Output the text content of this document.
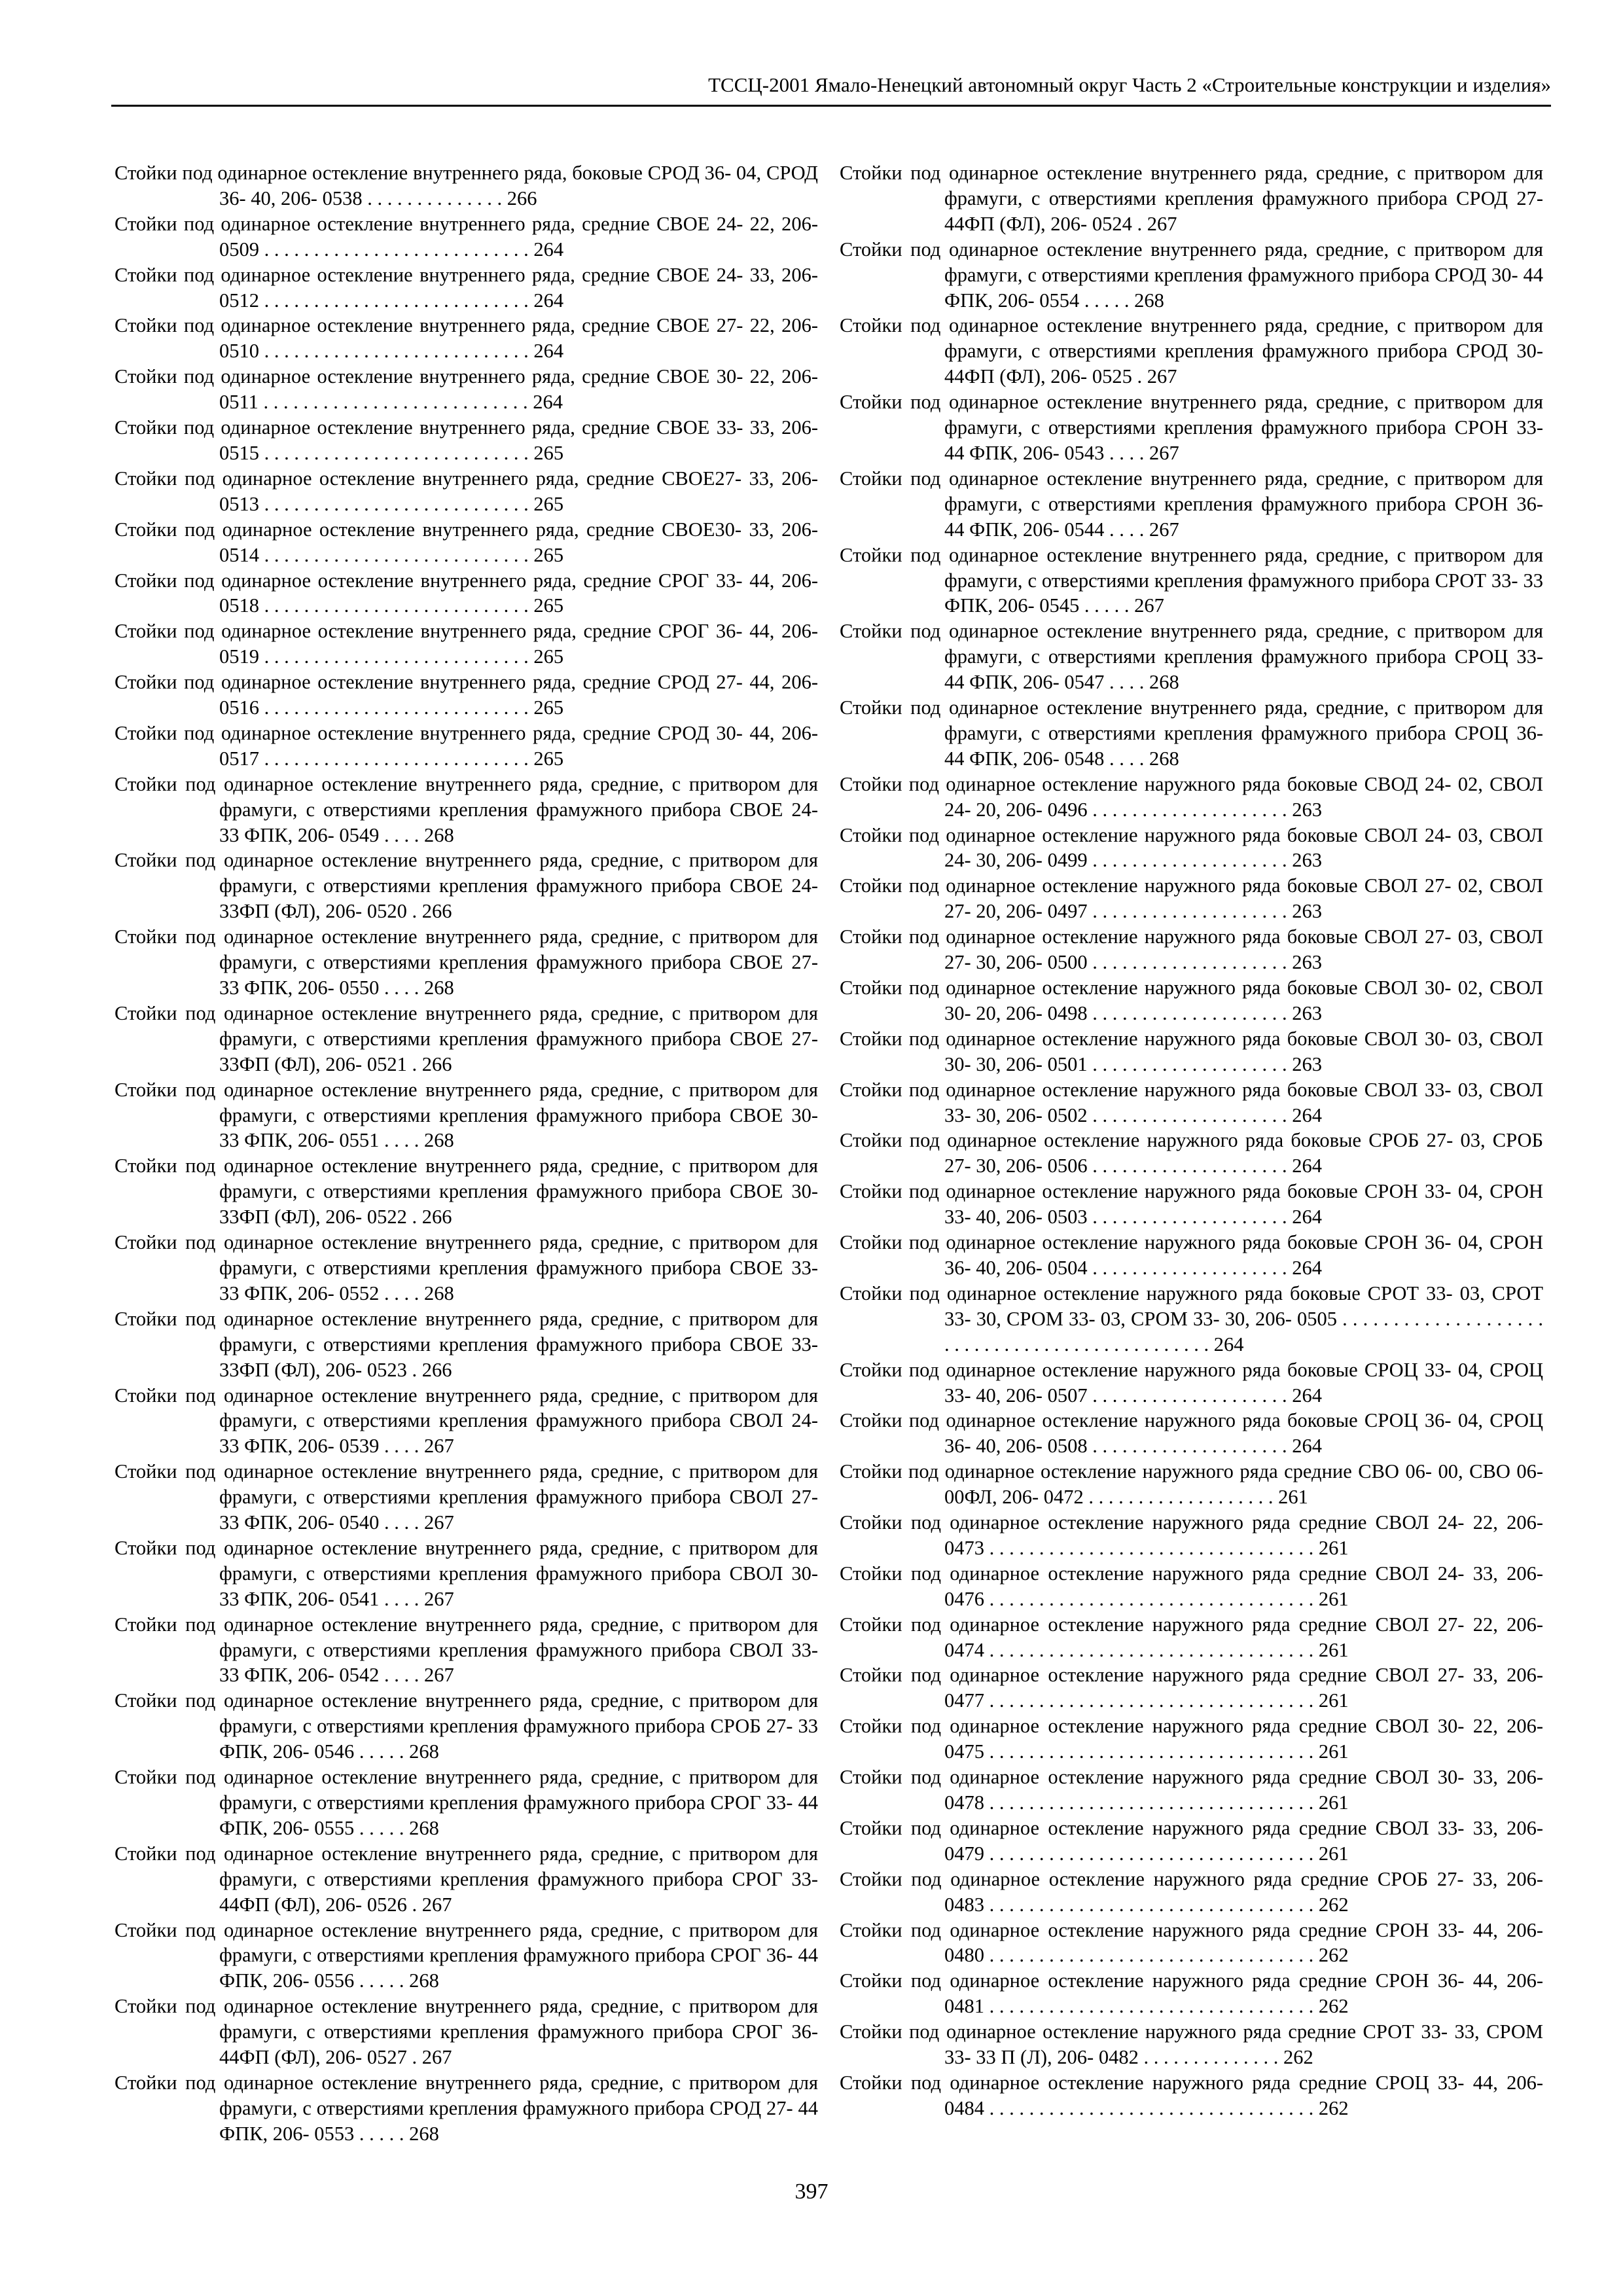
ТССЦ-2001 Ямало-Ненецкий автономный округ Часть 2 «Строительные конструкции и изделия»
Стойки под одинарное остекление внутреннего ряда, боковые СРОД 36- 04, СРОД 36- 40, 206- 0538 . . . . . . . . . . . . . . 266
Стойки под одинарное остекление внутреннего ряда, средние СВОЕ 24- 22, 206- 0509 . . . . . . . . . . . . . . . . . . . . . . . . . . . 264
Стойки под одинарное остекление внутреннего ряда, средние СВОЕ 24- 33, 206- 0512 . . . . . . . . . . . . . . . . . . . . . . . . . . . 264
Стойки под одинарное остекление внутреннего ряда, средние СВОЕ 27- 22, 206- 0510 . . . . . . . . . . . . . . . . . . . . . . . . . . . 264
Стойки под одинарное остекление внутреннего ряда, средние СВОЕ 30- 22, 206- 0511 . . . . . . . . . . . . . . . . . . . . . . . . . . . 264
Стойки под одинарное остекление внутреннего ряда, средние СВОЕ 33- 33, 206- 0515 . . . . . . . . . . . . . . . . . . . . . . . . . . . 265
Стойки под одинарное остекление внутреннего ряда, средние СВОЕ27- 33, 206- 0513 . . . . . . . . . . . . . . . . . . . . . . . . . . . 265
Стойки под одинарное остекление внутреннего ряда, средние СВОЕ30- 33, 206- 0514 . . . . . . . . . . . . . . . . . . . . . . . . . . . 265
Стойки под одинарное остекление внутреннего ряда, средние СРОГ 33- 44, 206- 0518 . . . . . . . . . . . . . . . . . . . . . . . . . . . 265
Стойки под одинарное остекление внутреннего ряда, средние СРОГ 36- 44, 206- 0519 . . . . . . . . . . . . . . . . . . . . . . . . . . . 265
Стойки под одинарное остекление внутреннего ряда, средние СРОД 27- 44, 206- 0516 . . . . . . . . . . . . . . . . . . . . . . . . . . . 265
Стойки под одинарное остекление внутреннего ряда, средние СРОД 30- 44, 206- 0517 . . . . . . . . . . . . . . . . . . . . . . . . . . . 265
Стойки под одинарное остекление внутреннего ряда, средние, с притвором для фрамуги, с отверстиями крепления фрамужного прибора СВОЕ 24- 33 ФПК, 206- 0549 . . . . 268
Стойки под одинарное остекление внутреннего ряда, средние, с притвором для фрамуги, с отверстиями крепления фрамужного прибора СВОЕ 24- 33ФП (ФЛ), 206- 0520 . 266
Стойки под одинарное остекление внутреннего ряда, средние, с притвором для фрамуги, с отверстиями крепления фрамужного прибора СВОЕ 27- 33 ФПК, 206- 0550 . . . . 268
Стойки под одинарное остекление внутреннего ряда, средние, с притвором для фрамуги, с отверстиями крепления фрамужного прибора СВОЕ 27- 33ФП (ФЛ), 206- 0521 . 266
Стойки под одинарное остекление внутреннего ряда, средние, с притвором для фрамуги, с отверстиями крепления фрамужного прибора СВОЕ 30- 33 ФПК, 206- 0551 . . . . 268
Стойки под одинарное остекление внутреннего ряда, средние, с притвором для фрамуги, с отверстиями крепления фрамужного прибора СВОЕ 30- 33ФП (ФЛ), 206- 0522 . 266
Стойки под одинарное остекление внутреннего ряда, средние, с притвором для фрамуги, с отверстиями крепления фрамужного прибора СВОЕ 33- 33 ФПК, 206- 0552 . . . . 268
Стойки под одинарное остекление внутреннего ряда, средние, с притвором для фрамуги, с отверстиями крепления фрамужного прибора СВОЕ 33- 33ФП (ФЛ), 206- 0523 . 266
Стойки под одинарное остекление внутреннего ряда, средние, с притвором для фрамуги, с отверстиями крепления фрамужного прибора СВОЛ 24- 33 ФПК, 206- 0539 . . . . 267
Стойки под одинарное остекление внутреннего ряда, средние, с притвором для фрамуги, с отверстиями крепления фрамужного прибора СВОЛ 27- 33 ФПК, 206- 0540 . . . . 267
Стойки под одинарное остекление внутреннего ряда, средние, с притвором для фрамуги, с отверстиями крепления фрамужного прибора СВОЛ 30- 33 ФПК, 206- 0541 . . . . 267
Стойки под одинарное остекление внутреннего ряда, средние, с притвором для фрамуги, с отверстиями крепления фрамужного прибора СВОЛ 33- 33 ФПК, 206- 0542 . . . . 267
Стойки под одинарное остекление внутреннего ряда, средние, с притвором для фрамуги, с отверстиями крепления фрамужного прибора СРОБ 27- 33 ФПК, 206- 0546 . . . . . 268
Стойки под одинарное остекление внутреннего ряда, средние, с притвором для фрамуги, с отверстиями крепления фрамужного прибора СРОГ 33- 44 ФПК, 206- 0555 . . . . . 268
Стойки под одинарное остекление внутреннего ряда, средние, с притвором для фрамуги, с отверстиями крепления фрамужного прибора СРОГ 33- 44ФП (ФЛ), 206- 0526 . 267
Стойки под одинарное остекление внутреннего ряда, средние, с притвором для фрамуги, с отверстиями крепления фрамужного прибора СРОГ 36- 44 ФПК, 206- 0556 . . . . . 268
Стойки под одинарное остекление внутреннего ряда, средние, с притвором для фрамуги, с отверстиями крепления фрамужного прибора СРОГ 36- 44ФП (ФЛ), 206- 0527 . 267
Стойки под одинарное остекление внутреннего ряда, средние, с притвором для фрамуги, с отверстиями крепления фрамужного прибора СРОД 27- 44 ФПК, 206- 0553 . . . . . 268
Стойки под одинарное остекление внутреннего ряда, средние, с притвором для фрамуги, с отверстиями крепления фрамужного прибора СРОД 27- 44ФП (ФЛ), 206- 0524 . 267
Стойки под одинарное остекление внутреннего ряда, средние, с притвором для фрамуги, с отверстиями крепления фрамужного прибора СРОД 30- 44 ФПК, 206- 0554 . . . . . 268
Стойки под одинарное остекление внутреннего ряда, средние, с притвором для фрамуги, с отверстиями крепления фрамужного прибора СРОД 30- 44ФП (ФЛ), 206- 0525 . 267
Стойки под одинарное остекление внутреннего ряда, средние, с притвором для фрамуги, с отверстиями крепления фрамужного прибора СРОН 33- 44 ФПК, 206- 0543 . . . . 267
Стойки под одинарное остекление внутреннего ряда, средние, с притвором для фрамуги, с отверстиями крепления фрамужного прибора СРОН 36- 44 ФПК, 206- 0544 . . . . 267
Стойки под одинарное остекление внутреннего ряда, средние, с притвором для фрамуги, с отверстиями крепления фрамужного прибора СРОТ 33- 33 ФПК, 206- 0545 . . . . . 267
Стойки под одинарное остекление внутреннего ряда, средние, с притвором для фрамуги, с отверстиями крепления фрамужного прибора СРОЦ 33- 44 ФПК, 206- 0547 . . . . 268
Стойки под одинарное остекление внутреннего ряда, средние, с притвором для фрамуги, с отверстиями крепления фрамужного прибора СРОЦ 36- 44 ФПК, 206- 0548 . . . . 268
Стойки под одинарное остекление наружного ряда боковые СВОД 24- 02, СВОЛ 24- 20, 206- 0496 . . . . . . . . . . . . . . . . . . . . 263
Стойки под одинарное остекление наружного ряда боковые СВОЛ 24- 03, СВОЛ 24- 30, 206- 0499 . . . . . . . . . . . . . . . . . . . . 263
Стойки под одинарное остекление наружного ряда боковые СВОЛ 27- 02, СВОЛ 27- 20, 206- 0497 . . . . . . . . . . . . . . . . . . . . 263
Стойки под одинарное остекление наружного ряда боковые СВОЛ 27- 03, СВОЛ 27- 30, 206- 0500 . . . . . . . . . . . . . . . . . . . . 263
Стойки под одинарное остекление наружного ряда боковые СВОЛ 30- 02, СВОЛ 30- 20, 206- 0498 . . . . . . . . . . . . . . . . . . . . 263
Стойки под одинарное остекление наружного ряда боковые СВОЛ 30- 03, СВОЛ 30- 30, 206- 0501 . . . . . . . . . . . . . . . . . . . . 263
Стойки под одинарное остекление наружного ряда боковые СВОЛ 33- 03, СВОЛ 33- 30, 206- 0502 . . . . . . . . . . . . . . . . . . . . 264
Стойки под одинарное остекление наружного ряда боковые СРОБ 27- 03, СРОБ 27- 30, 206- 0506 . . . . . . . . . . . . . . . . . . . . 264
Стойки под одинарное остекление наружного ряда боковые СРОН 33- 04, СРОН 33- 40, 206- 0503 . . . . . . . . . . . . . . . . . . . . 264
Стойки под одинарное остекление наружного ряда боковые СРОН 36- 04, СРОН 36- 40, 206- 0504 . . . . . . . . . . . . . . . . . . . . 264
Стойки под одинарное остекление наружного ряда боковые СРОТ 33- 03, СРОТ 33- 30, СРОМ 33- 03, СРОМ 33- 30, 206- 0505 . . . . . . . . . . . . . . . . . . . . . . . . . . . . . . . . . . . . . . . . . . . . . . . 264
Стойки под одинарное остекление наружного ряда боковые СРОЦ 33- 04, СРОЦ 33- 40, 206- 0507 . . . . . . . . . . . . . . . . . . . . 264
Стойки под одинарное остекление наружного ряда боковые СРОЦ 36- 04, СРОЦ 36- 40, 206- 0508 . . . . . . . . . . . . . . . . . . . . 264
Стойки под одинарное остекление наружного ряда средние СВО 06- 00, СВО 06- 00ФЛ, 206- 0472 . . . . . . . . . . . . . . . . . . . 261
Стойки под одинарное остекление наружного ряда средние СВОЛ 24- 22, 206- 0473 . . . . . . . . . . . . . . . . . . . . . . . . . . . . . . . . . 261
Стойки под одинарное остекление наружного ряда средние СВОЛ 24- 33, 206- 0476 . . . . . . . . . . . . . . . . . . . . . . . . . . . . . . . . . 261
Стойки под одинарное остекление наружного ряда средние СВОЛ 27- 22, 206- 0474 . . . . . . . . . . . . . . . . . . . . . . . . . . . . . . . . . 261
Стойки под одинарное остекление наружного ряда средние СВОЛ 27- 33, 206- 0477 . . . . . . . . . . . . . . . . . . . . . . . . . . . . . . . . . 261
Стойки под одинарное остекление наружного ряда средние СВОЛ 30- 22, 206- 0475 . . . . . . . . . . . . . . . . . . . . . . . . . . . . . . . . . 261
Стойки под одинарное остекление наружного ряда средние СВОЛ 30- 33, 206- 0478 . . . . . . . . . . . . . . . . . . . . . . . . . . . . . . . . . 261
Стойки под одинарное остекление наружного ряда средние СВОЛ 33- 33, 206- 0479 . . . . . . . . . . . . . . . . . . . . . . . . . . . . . . . . . 261
Стойки под одинарное остекление наружного ряда средние СРОБ 27- 33, 206- 0483 . . . . . . . . . . . . . . . . . . . . . . . . . . . . . . . . . 262
Стойки под одинарное остекление наружного ряда средние СРОН 33- 44, 206- 0480 . . . . . . . . . . . . . . . . . . . . . . . . . . . . . . . . . 262
Стойки под одинарное остекление наружного ряда средние СРОН 36- 44, 206- 0481 . . . . . . . . . . . . . . . . . . . . . . . . . . . . . . . . . 262
Стойки под одинарное остекление наружного ряда средние СРОТ 33- 33, СРОМ 33- 33 П (Л), 206- 0482 . . . . . . . . . . . . . . 262
Стойки под одинарное остекление наружного ряда средние СРОЦ 33- 44, 206- 0484 . . . . . . . . . . . . . . . . . . . . . . . . . . . . . . . . . 262
397
